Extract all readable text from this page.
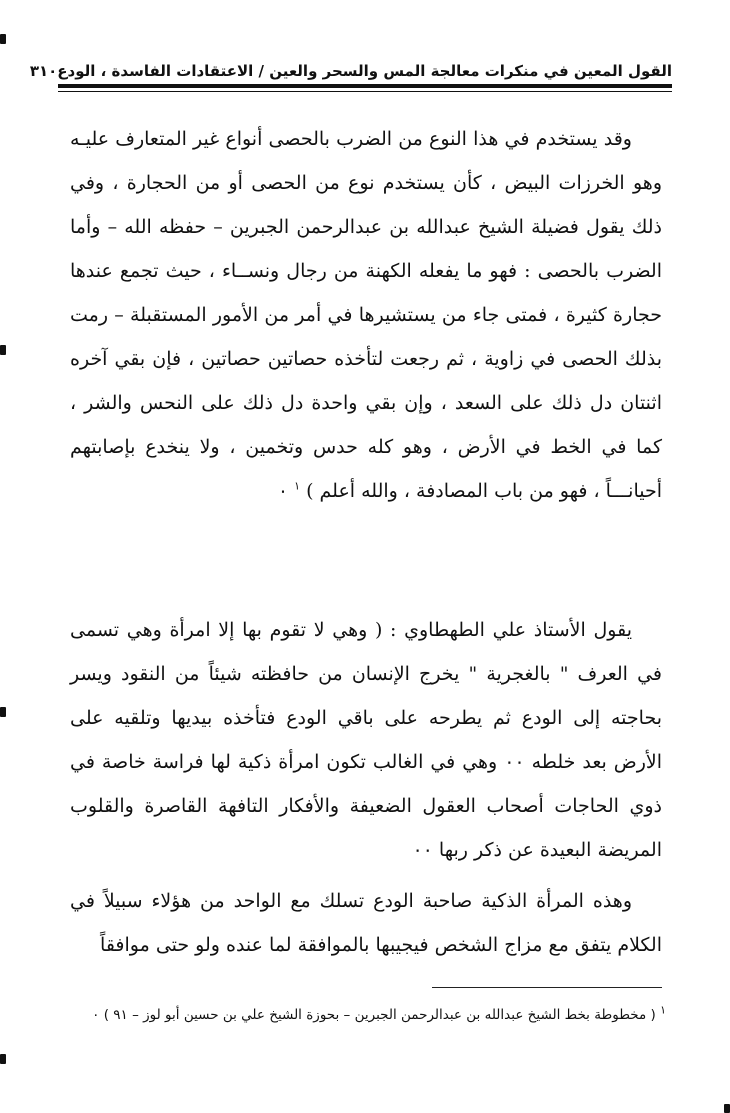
القول المعين في منكرات معالجة المس والسحر والعين / الاعتقادات الفاسدة ، الودع
٣١٠
وقد يستخدم في هذا النوع من الضرب بالحصى أنواع غير المتعارف عليـه وهو الخرزات البيض ، كأن يستخدم نوع من الحصى أو من الحجارة ، وفي ذلك يقول فضيلة الشيخ عبدالله بن عبدالرحمن الجبرين – حفظه الله – وأما الضرب بالحصى : فهو ما يفعله الكهنة من رجال ونســاء ، حيث تجمع عندها حجارة كثيرة ، فمتى جاء من يستشيرها في أمر من الأمور المستقبلة – رمت بذلك الحصى في زاوية ، ثم رجعت لتأخذه حصاتين حصاتين ، فإن بقي آخره اثنتان دل ذلك على السعد ، وإن بقي واحدة دل ذلك على النحس والشر ، كما في الخط في الأرض ، وهو كله حدس وتخمين ، ولا ينخدع بإصابتهم أحيانـــاً ، فهو من باب المصادفة ، والله أعلم ) $^١$ ٠
يقول الأستاذ علي الطهطاوي : ( وهي لا تقوم بها إلا امرأة وهي تسمى في العرف " بالغجرية " يخرج الإنسان من حافظته شيئاً من النقود ويسر بحاجته إلى الودع ثم يطرحه على باقي الودع فتأخذه بيديها وتلقيه على الأرض بعد خلطه ٠٠ وهي في الغالب تكون امرأة ذكية لها فراسة خاصة في ذوي الحاجات أصحاب العقول الضعيفة والأفكار التافهة القاصرة والقلوب المريضة البعيدة عن ذكر ربها ٠٠
وهذه المرأة الذكية صاحبة الودع تسلك مع الواحد من هؤلاء سبيلاً في الكلام يتفق مع مزاج الشخص فيجيبها بالموافقة لما عنده ولو حتى موافقاً
$^١$ ( مخطوطة بخط الشيخ عبدالله بن عبدالرحمن الجبرين – بحوزة الشيخ علي بن حسين أبو لوز – ٩١ ) ٠
